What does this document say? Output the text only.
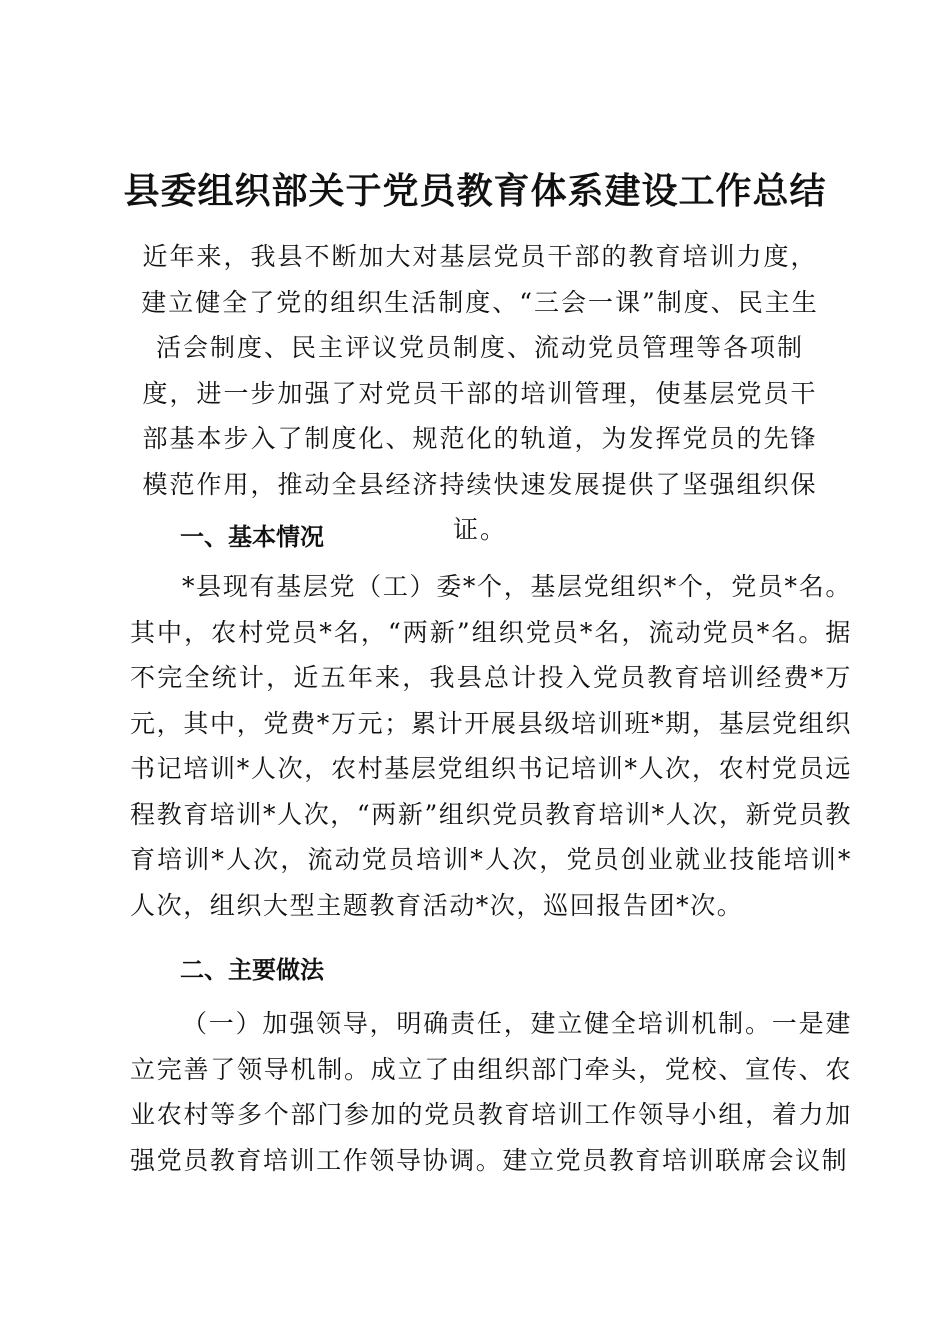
县委组织部关于党员教育体系建设工作总结

近年来，我县不断加大对基层党员干部的教育培训力度，建立健全了党的组织生活制度、“三会一课”制度、民主生活会制度、民主评议党员制度、流动党员管理等各项制度，进一步加强了对党员干部的培训管理，使基层党员干部基本步入了制度化、规范化的轨道，为发挥党员的先锋模范作用，推动全县经济持续快速发展提供了坚强组织保证。

一、基本情况

*县现有基层党（工）委*个，基层党组织*个，党员*名。其中，农村党员*名，“两新”组织党员*名，流动党员*名。据不完全统计，近五年来，我县总计投入党员教育培训经费*万元，其中，党费*万元；累计开展县级培训班*期，基层党组织书记培训*人次，农村基层党组织书记培训*人次，农村党员远程教育培训*人次，“两新”组织党员教育培训*人次，新党员教育培训*人次，流动党员培训*人次，党员创业就业技能培训*人次，组织大型主题教育活动*次，巡回报告团*次。

二、主要做法

（一）加强领导，明确责任，建立健全培训机制。一是建立完善了领导机制。成立了由组织部门牵头，党校、宣传、农业农村等多个部门参加的党员教育培训工作领导小组，着力加强党员教育培训工作领导协调。建立党员教育培训联席会议制
